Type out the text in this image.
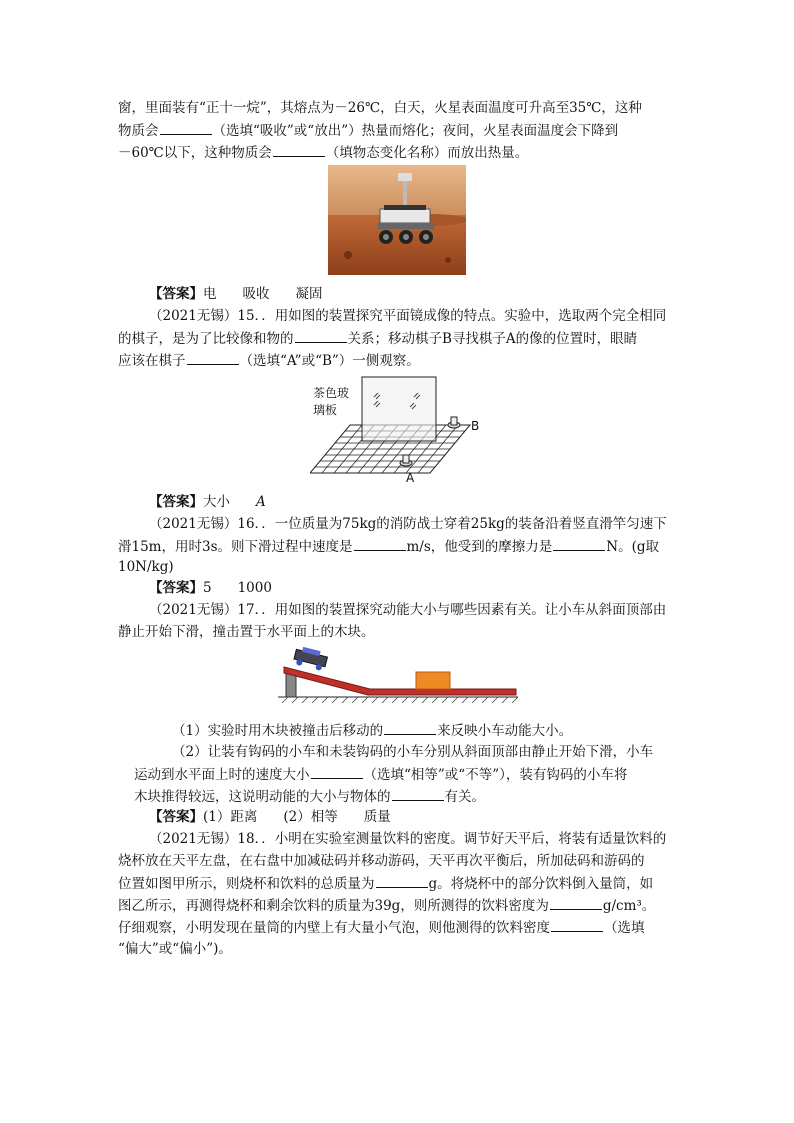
窗，里面装有“正十一烷”，其熔点为－26℃，白天，火星表面温度可升高至35℃，这种
物质会	（选填“吸收”或“放出”）热量而熔化；夜间，火星表面温度会下降到
－60℃以下，这种物质会	（填物态变化名称）而放出热量。
【答案】电 吸收 凝固
（2021无锡）15．．用如图的装置探究平面镜成像的特点。实验中，选取两个完全相同
的棋子，是为了比较像和物的	关系；移动棋子B寻找棋子A的像的位置时，眼睛
应该在棋子	（选填“A”或“B”）一侧观察。
茶色玻
璃板
B
A
【答案】大小 A
（2021无锡）16．．一位质量为75kg的消防战士穿着25kg的装备沿着竖直滑竿匀速下
滑15m，用时3s。则下滑过程中速度是	m/s，他受到的摩擦力是	N。(g取
10N/kg)
【答案】5 1000
（2021无锡）17．．用如图的装置探究动能大小与哪些因素有关。让小车从斜面顶部由
静止开始下滑，撞击置于水平面上的木块。
（1）实验时用木块被撞击后移动的	来反映小车动能大小。
（2）让装有钩码的小车和未装钩码的小车分别从斜面顶部由静止开始下滑，小车
运动到水平面上时的速度大小	（选填“相等”或“不等”），装有钩码的小车将
木块推得较远，这说明动能的大小与物体的	有关。
【答案】(1）距离 (2）相等 质量
（2021无锡）18．．小明在实验室测量饮料的密度。调节好天平后，将装有适量饮料的
烧杯放在天平左盘，在右盘中加减砝码并移动游码，天平再次平衡后，所加砝码和游码的
位置如图甲所示，则烧杯和饮料的总质量为	g。将烧杯中的部分饮料倒入量筒，如
图乙所示，再测得烧杯和剩余饮料的质量为39g，则所测得的饮料密度为	g/cm³。
仔细观察，小明发现在量筒的内壁上有大量小气泡，则他测得的饮料密度	（选填
“偏大”或“偏小”)。
